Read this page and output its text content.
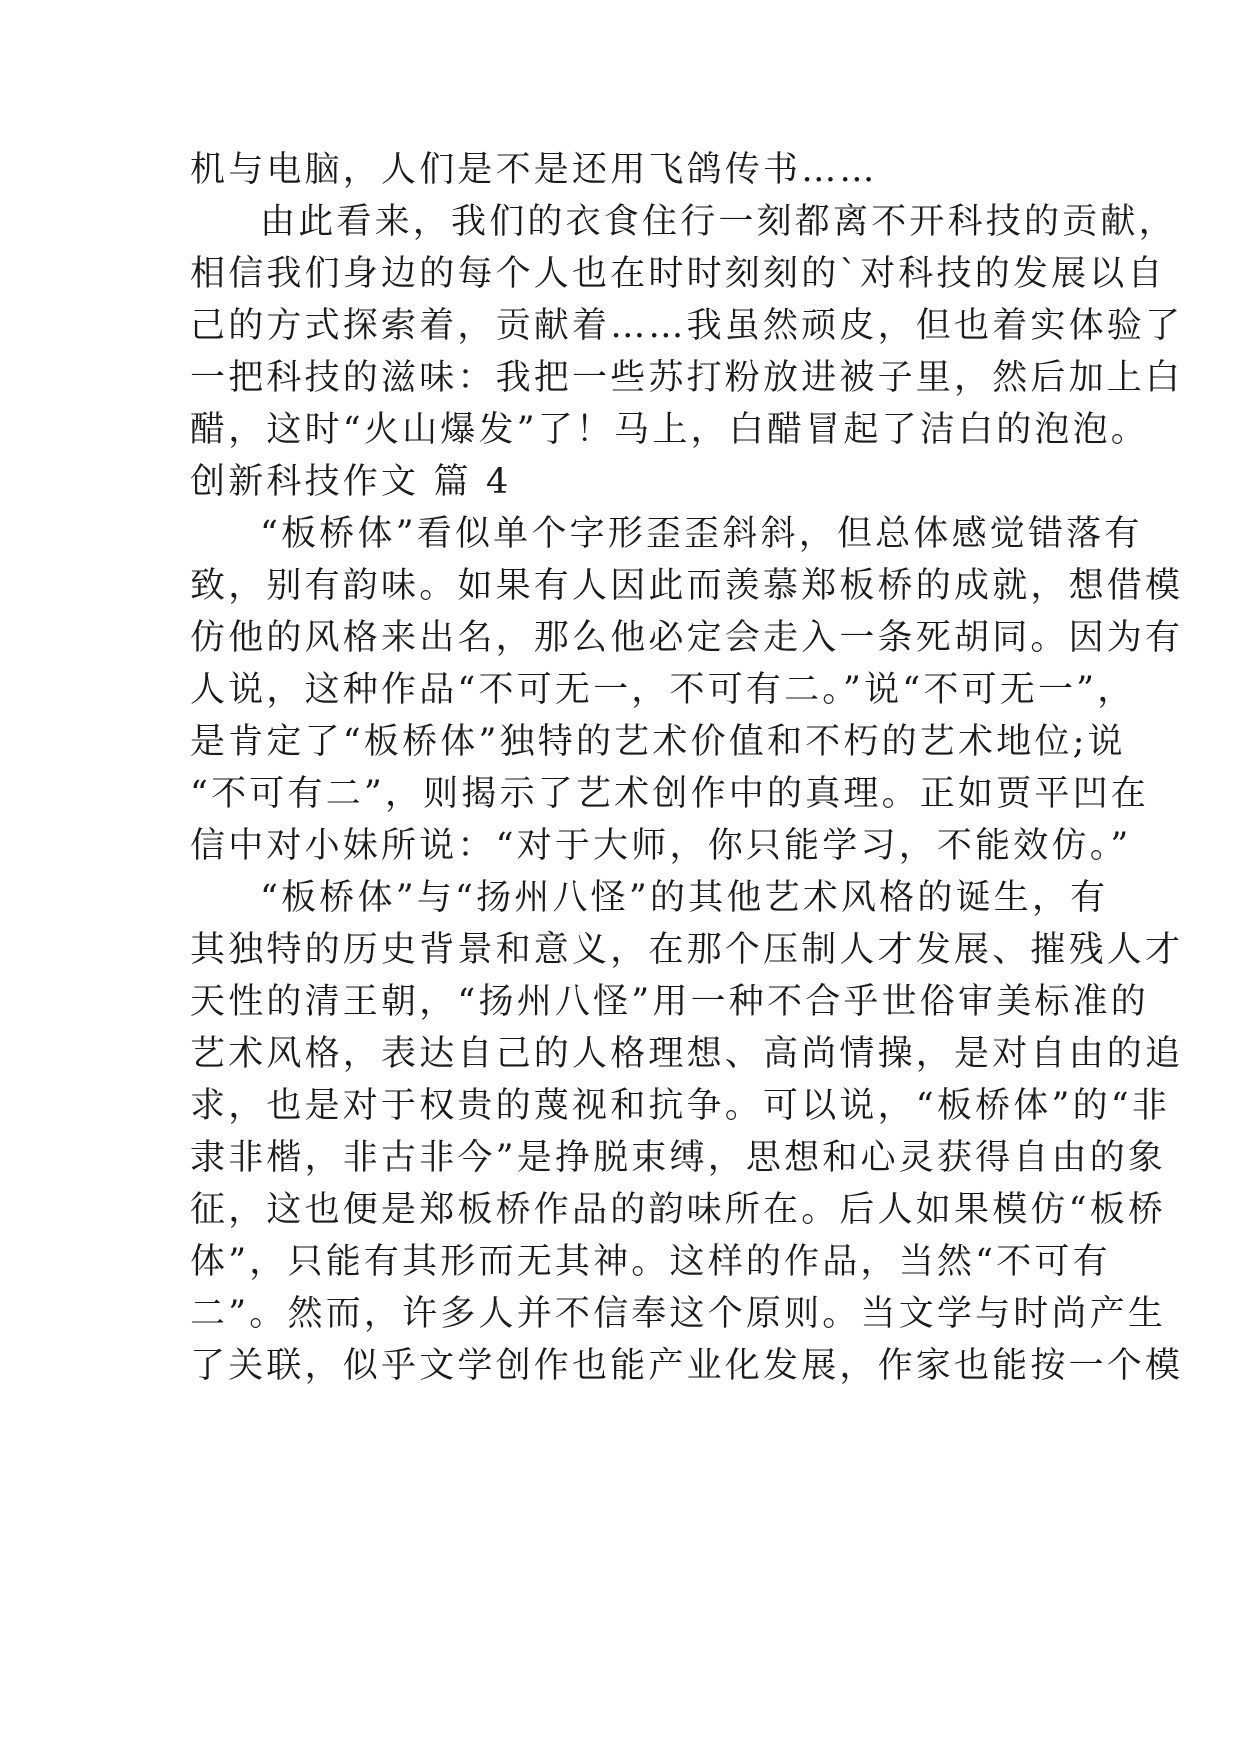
机与电脑，人们是不是还用飞鸽传书……
由此看来，我们的衣食住行一刻都离不开科技的贡献，
相信我们身边的每个人也在时时刻刻的`对科技的发展以自
己的方式探索着，贡献着……我虽然顽皮，但也着实体验了
一把科技的滋味：我把一些苏打粉放进被子里，然后加上白
醋，这时“火山爆发”了！马上，白醋冒起了洁白的泡泡。
创新科技作文 篇 4
“板桥体”看似单个字形歪歪斜斜，但总体感觉错落有
致，别有韵味。如果有人因此而羡慕郑板桥的成就，想借模
仿他的风格来出名，那么他必定会走入一条死胡同。因为有
人说，这种作品“不可无一，不可有二。”说“不可无一”，
是肯定了“板桥体”独特的艺术价值和不朽的艺术地位;说
“不可有二”，则揭示了艺术创作中的真理。正如贾平凹在
信中对小妹所说：“对于大师，你只能学习，不能效仿。”
“板桥体”与“扬州八怪”的其他艺术风格的诞生，有
其独特的历史背景和意义，在那个压制人才发展、摧残人才
天性的清王朝，“扬州八怪”用一种不合乎世俗审美标准的
艺术风格，表达自己的人格理想、高尚情操，是对自由的追
求，也是对于权贵的蔑视和抗争。可以说，“板桥体”的“非
隶非楷，非古非今”是挣脱束缚，思想和心灵获得自由的象
征，这也便是郑板桥作品的韵味所在。后人如果模仿“板桥
体”，只能有其形而无其神。这样的作品，当然“不可有
二”。然而，许多人并不信奉这个原则。当文学与时尚产生
了关联，似乎文学创作也能产业化发展，作家也能按一个模
